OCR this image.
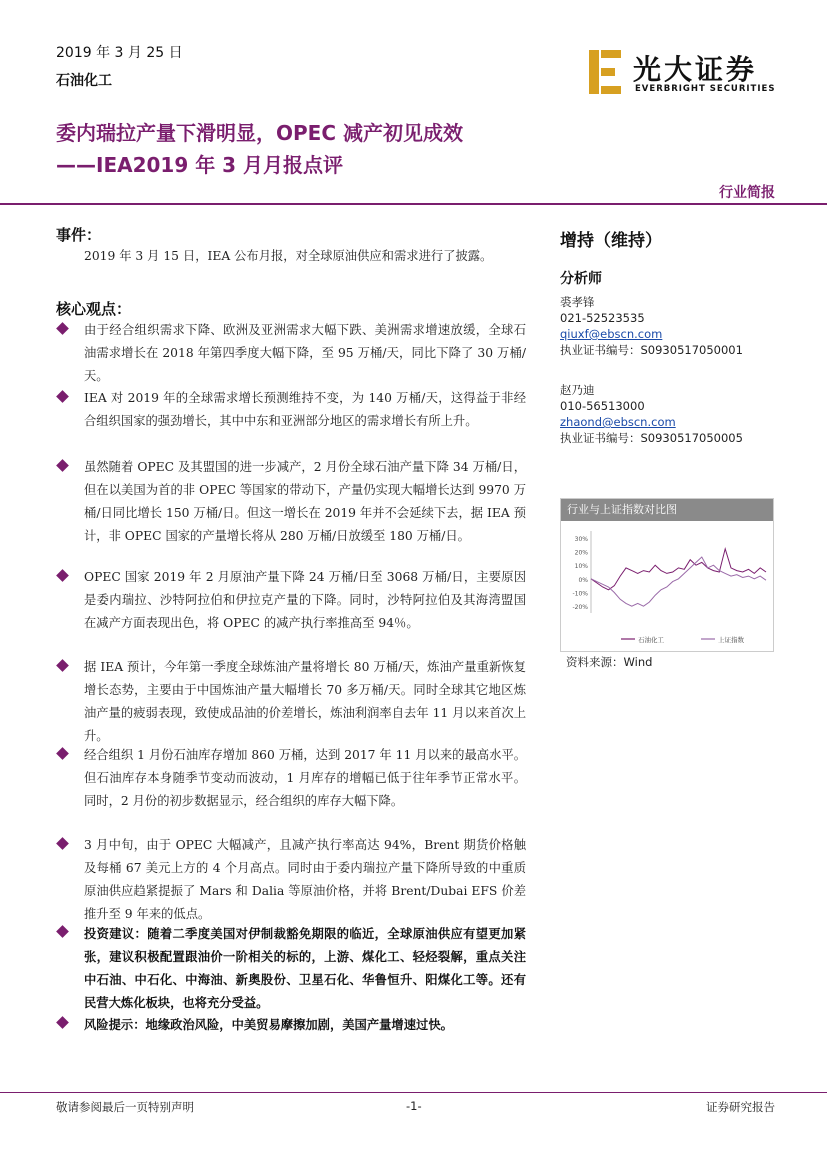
2019 年 3 月 25 日
石油化工
委内瑞拉产量下滑明显，OPEC 减产初见成效
——IEA2019 年 3 月月报点评
光大证券
EVERBRIGHT SECURITIES
行业简报
事件：
2019 年 3 月 15 日，IEA 公布月报，对全球原油供应和需求进行了披露。
核心观点：
由于经合组织需求下降、欧洲及亚洲需求大幅下跌、美洲需求增速放缓，全球石油需求增长在 2018 年第四季度大幅下降，至 95 万桶/天，同比下降了 30 万桶/天。
IEA 对 2019 年的全球需求增长预测维持不变，为 140 万桶/天，这得益于非经合组织国家的强劲增长，其中中东和亚洲部分地区的需求增长有所上升。
虽然随着 OPEC 及其盟国的进一步减产，2 月份全球石油产量下降 34 万桶/日，但在以美国为首的非 OPEC 等国家的带动下，产量仍实现大幅增长达到 9970 万桶/日同比增长 150 万桶/日。但这一增长在 2019 年并不会延续下去，据 IEA 预计，非 OPEC 国家的产量增长将从 280 万桶/日放缓至 180 万桶/日。
OPEC 国家 2019 年 2 月原油产量下降 24 万桶/日至 3068 万桶/日，主要原因是委内瑞拉、沙特阿拉伯和伊拉克产量的下降。同时，沙特阿拉伯及其海湾盟国在减产方面表现出色，将 OPEC 的减产执行率推高至 94％。
据 IEA 预计，今年第一季度全球炼油产量将增长 80 万桶/天，炼油产量重新恢复增长态势，主要由于中国炼油产量大幅增长 70 多万桶/天。同时全球其它地区炼油产量的疲弱表现，致使成品油的价差增长，炼油利润率自去年 11 月以来首次上升。
经合组织 1 月份石油库存增加 860 万桶，达到 2017 年 11 月以来的最高水平。但石油库存本身随季节变动而波动，1 月库存的增幅已低于往年季节正常水平。同时，2 月份的初步数据显示，经合组织的库存大幅下降。
3 月中旬，由于 OPEC 大幅减产，且减产执行率高达 94%，Brent 期货价格触及每桶 67 美元上方的 4 个月高点。同时由于委内瑞拉产量下降所导致的中重质原油供应趋紧提振了 Mars 和 Dalia 等原油价格，并将 Brent/Dubai EFS 价差推升至 9 年来的低点。
投资建议：随着二季度美国对伊制裁豁免期限的临近，全球原油供应有望更加紧张，建议积极配置跟油价一阶相关的标的，上游、煤化工、轻烃裂解，重点关注中石油、中石化、中海油、新奥股份、卫星石化、华鲁恒升、阳煤化工等。还有民营大炼化板块，也将充分受益。
风险提示：地缘政治风险，中美贸易摩擦加剧，美国产量增速过快。
增持（维持）
分析师
裘孝锋
021-52523535
qiuxf@ebscn.com
执业证书编号：S0930517050001
赵乃迪
010-56513000
zhaond@ebscn.com
执业证书编号：S0930517050005
行业与上证指数对比图
30%
20%
10%
0%
-10%
-20%
石油化工	上证指数
资料来源：Wind
敬请参阅最后一页特别声明	-1-	证券研究报告
